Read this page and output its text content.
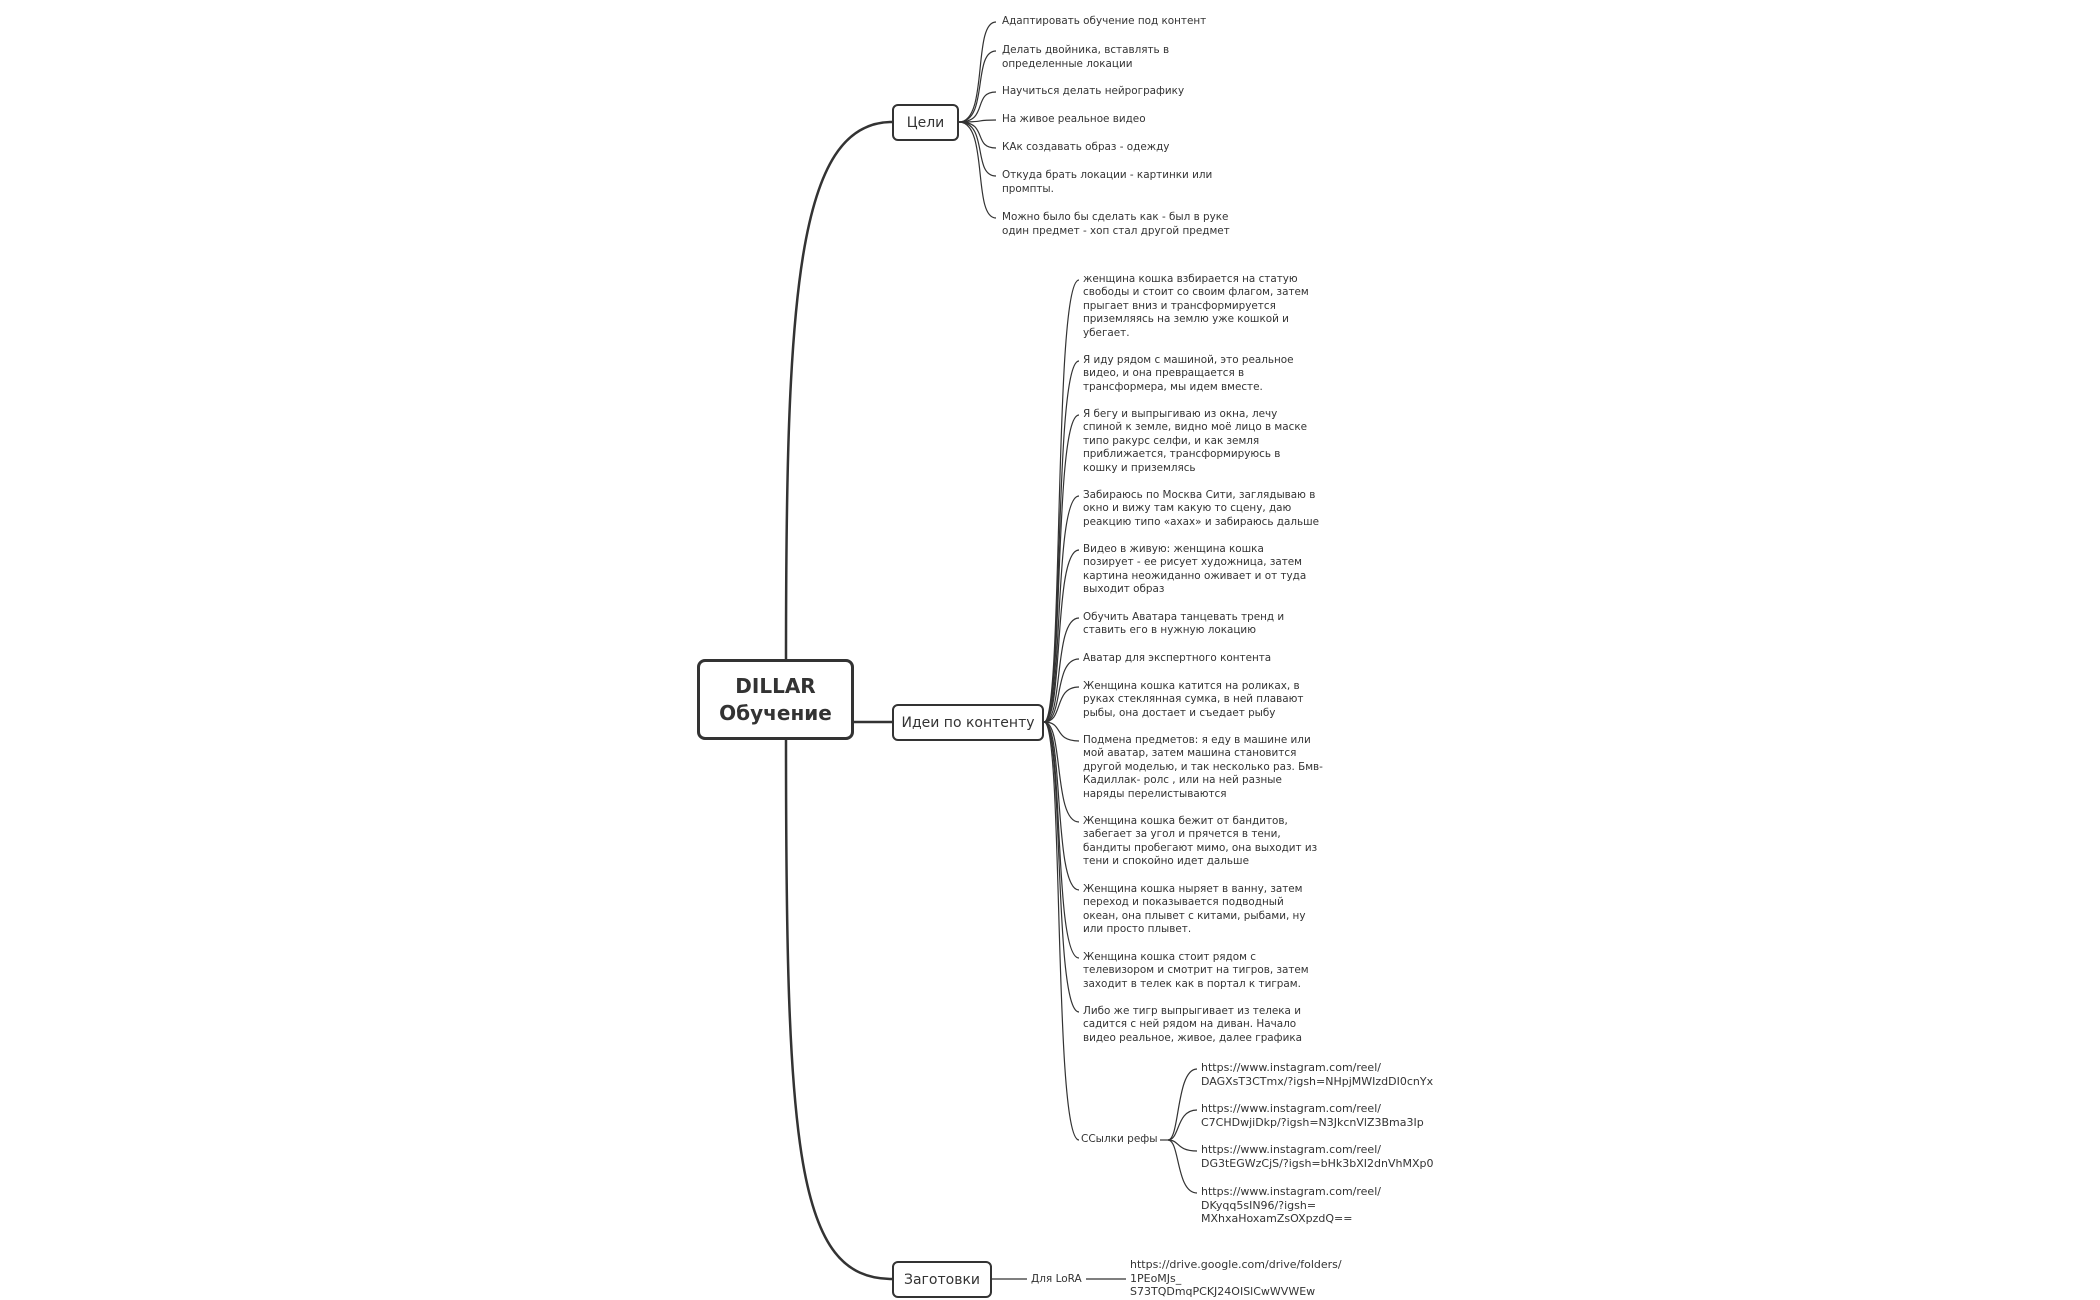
DILLAR
Обучение
Цели
Идеи по контенту
Заготовки
Адаптировать обучение под контент
Делать двойника, вставлять в
определенные локации
Научиться делать нейрографику
На живое реальное видео
КАк создавать образ - одежду
Откуда брать локации - картинки или
промпты.
Можно было бы сделать как - был в руке
один предмет - хоп стал другой предмет
женщина кошка взбирается на статую
свободы и стоит со своим флагом, затем
прыгает вниз и трансформируется
приземляясь на землю уже кошкой и
убегает.
Я иду рядом с машиной, это реальное
видео, и она превращается в
трансформера, мы идем вместе.
Я бегу и выпрыгиваю из окна, лечу
спиной к земле, видно моё лицо в маске
типо ракурс селфи, и как земля
приближается, трансформируюсь в
кошку и приземлясь
Забираюсь по Москва Сити, заглядываю в
окно и вижу там какую то сцену, даю
реакцию типо «ахах» и забираюсь дальше
Видео в живую: женщина кошка
позирует - ее рисует художница, затем
картина неожиданно оживает и от туда
выходит образ
Обучить Аватара танцевать тренд и
ставить его в нужную локацию
Аватар для экспертного контента
Женщина кошка катится на роликах, в
руках стеклянная сумка, в ней плавают
рыбы, она достает и съедает рыбу
Подмена предметов: я еду в машине или
мой аватар, затем машина становится
другой моделью, и так несколько раз. Бмв-
Кадиллак- ролс , или на ней разные
наряды перелистываются
Женщина кошка бежит от бандитов,
забегает за угол и прячется в тени,
бандиты пробегают мимо, она выходит из
тени и спокойно идет дальше
Женщина кошка ныряет в ванну, затем
переход и показывается подводный
океан, она плывет с китами, рыбами, ну
или просто плывет.
Женщина кошка стоит рядом с
телевизором и смотрит на тигров, затем
заходит в телек как в портал к тиграм.
Либо же тигр выпрыгивает из телека и
садится с ней рядом на диван. Начало
видео реальное, живое, далее графика
ССылки рефы
https://www.instagram.com/reel/
DAGXsT3CTmx/?igsh=NHpjMWIzdDI0cnYx
https://www.instagram.com/reel/
C7CHDwjiDkp/?igsh=N3JkcnVlZ3Bma3Ip
https://www.instagram.com/reel/
DG3tEGWzCjS/?igsh=bHk3bXI2dnVhMXp0
https://www.instagram.com/reel/
DKyqq5sIN96/?igsh=
MXhxaHoxamZsOXpzdQ==
Для LoRA
https://drive.google.com/drive/folders/
1PEoMJs_
S73TQDmqPCKJ24OISlCwWVWEw
